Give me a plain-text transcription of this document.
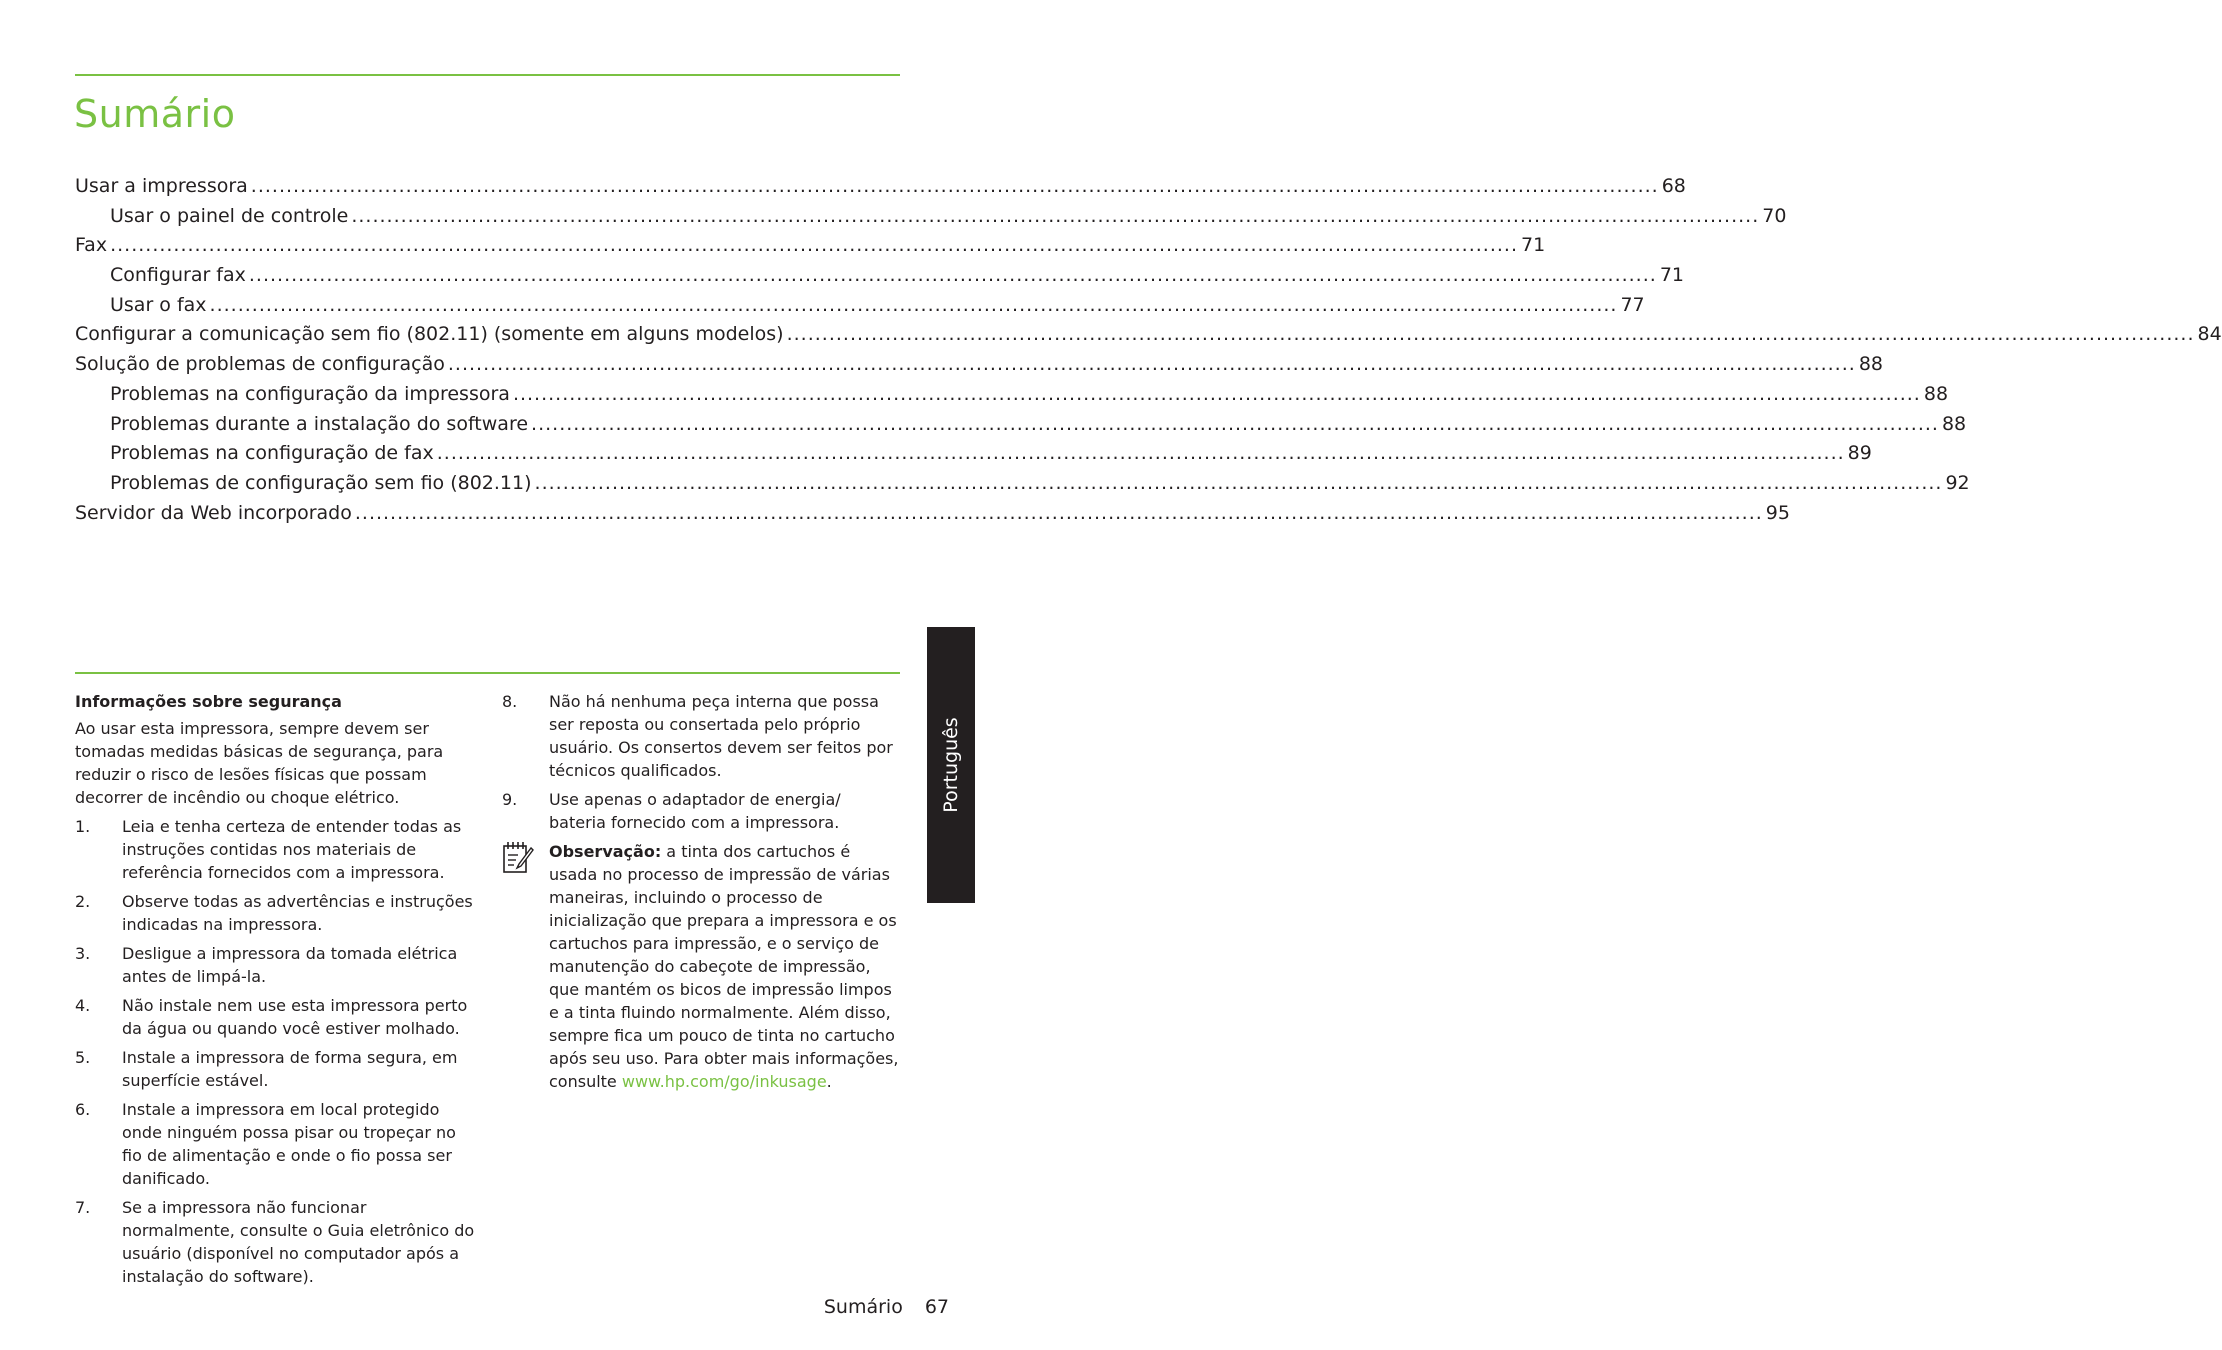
Sumário
Usar a impressora ........................................................................................................................................................................................................ 68
Usar o painel de controle ........................................................................................................................................................................................................ 70
Fax ........................................................................................................................................................................................................ 71
Configurar fax ........................................................................................................................................................................................................ 71
Usar o fax ........................................................................................................................................................................................................ 77
Configurar a comunicação sem fio (802.11) (somente em alguns modelos) ........................................................................................................................................................................................................ 84
Solução de problemas de configuração ........................................................................................................................................................................................................ 88
Problemas na configuração da impressora ........................................................................................................................................................................................................ 88
Problemas durante a instalação do software ........................................................................................................................................................................................................ 88
Problemas na configuração de fax ........................................................................................................................................................................................................ 89
Problemas de configuração sem fio (802.11) ........................................................................................................................................................................................................ 92
Servidor da Web incorporado ........................................................................................................................................................................................................ 95
Informações sobre segurança

Ao usar esta impressora, sempre devem ser tomadas medidas básicas de segurança, para reduzir o risco de lesões físicas que possam decorrer de incêndio ou choque elétrico.

1.	Leia e tenha certeza de entender todas as instruções contidas nos materiais de referência fornecidos com a impressora.
2.	Observe todas as advertências e instruções indicadas na impressora.
3.	Desligue a impressora da tomada elétrica antes de limpá-la.
4.	Não instale nem use esta impressora perto da água ou quando você estiver molhado.
5.	Instale a impressora de forma segura, em superfície estável.
6.	Instale a impressora em local protegido onde ninguém possa pisar ou tropeçar no fio de alimentação e onde o fio possa ser danificado.
7.	Se a impressora não funcionar normalmente, consulte o Guia eletrônico do usuário (disponível no computador após a instalação do software).
8.	Não há nenhuma peça interna que possa ser reposta ou consertada pelo próprio usuário. Os consertos devem ser feitos por técnicos qualificados.
9.	Use apenas o adaptador de energia/ bateria fornecido com a impressora.
Observação: a tinta dos cartuchos é usada no processo de impressão de várias maneiras, incluindo o processo de inicialização que prepara a impressora e os cartuchos para impressão, e o serviço de manutenção do cabeçote de impressão, que mantém os bicos de impressão limpos e a tinta fluindo normalmente. Além disso, sempre fica um pouco de tinta no cartucho após seu uso. Para obter mais informações, consulte www.hp.com/go/inkusage.
Português
Sumário 67
